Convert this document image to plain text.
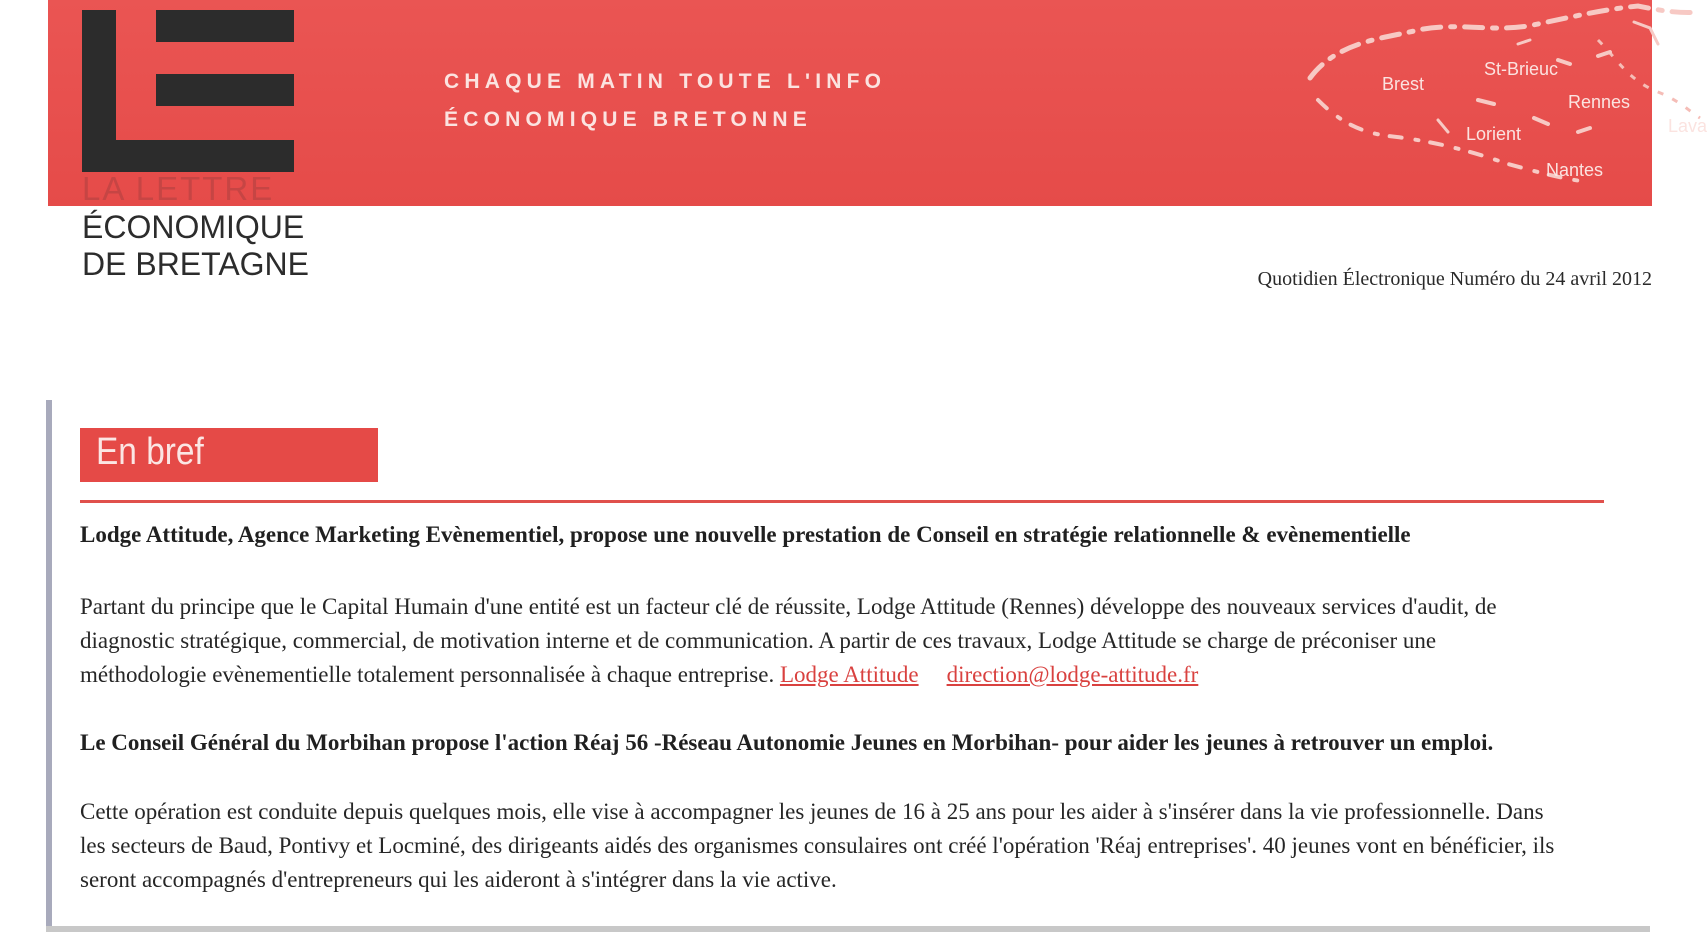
Brest
St-Brieuc
Rennes
Lava
Lorient
Nantes
CHAQUE MATIN TOUTE L'INFO
ÉCONOMIQUE BRETONNE
LA LETTRE
ÉCONOMIQUE
DE BRETAGNE	Quotidien Électronique Numéro du 24 avril 2012
En bref
Lodge Attitude, Agence Marketing Evènementiel, propose une nouvelle prestation de Conseil en stratégie relationnelle & evènementielle
Partant du principe que le Capital Humain d'une entité est un facteur clé de réussite, Lodge Attitude (Rennes) développe des nouveaux services d'audit, de
diagnostic stratégique, commercial, de motivation interne et de communication. A partir de ces travaux, Lodge Attitude se charge de préconiser une
méthodologie evènementielle totalement personnalisée à chaque entreprise. Lodge Attitude direction@lodge-attitude.fr
Le Conseil Général du Morbihan propose l'action Réaj 56 -Réseau Autonomie Jeunes en Morbihan- pour aider les jeunes à retrouver un emploi.
Cette opération est conduite depuis quelques mois, elle vise à accompagner les jeunes de 16 à 25 ans pour les aider à s'insérer dans la vie professionnelle. Dans
les secteurs de Baud, Pontivy et Locminé, des dirigeants aidés des organismes consulaires ont créé l'opération 'Réaj entreprises'. 40 jeunes vont en bénéficier, ils
seront accompagnés d'entrepreneurs qui les aideront à s'intégrer dans la vie active.
